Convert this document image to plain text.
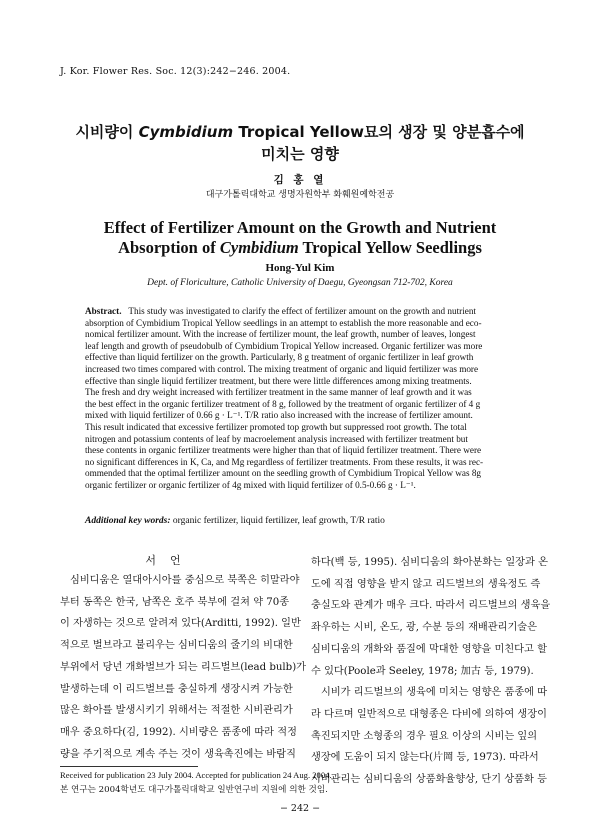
J. Kor. Flower Res. Soc. 12(3):242−246. 2004.
시비량이 Cymbidium Tropical Yellow묘의 생장 및 양분흡수에
미치는 영향
김 홍 열
대구가톨릭대학교 생명자원학부 화훼원예학전공
Effect of Fertilizer Amount on the Growth and Nutrient
Absorption of Cymbidium Tropical Yellow Seedlings
Hong-Yul Kim
Dept. of Floriculture, Catholic University of Daegu, Gyeongsan 712-702, Korea
Abstract. This study was investigated to clarify the effect of fertilizer amount on the growth and nutrient
absorption of Cymbidium Tropical Yellow seedlings in an attempt to establish the more reasonable and eco-
nomical fertilizer amount. With the increase of fertilizer mount, the leaf growth, number of leaves, longest
leaf length and growth of pseudobulb of Cymbidium Tropical Yellow increased. Organic fertilizer was more
effective than liquid fertilizer on the growth. Particularly, 8 g treatment of organic fertilizer in leaf growth
increased two times compared with control. The mixing treatment of organic and liquid fertilizer was more
effective than single liquid fertilizer treatment, but there were little differences among mixing treatments.
The fresh and dry weight increased with fertilizer treatment in the same manner of leaf growth and it was
the best effect in the organic fertilizer treatment of 8 g, followed by the treatment of organic fertilizer of 4 g
mixed with liquid fertilizer of 0.66 g · L⁻¹. T/R ratio also increased with the increase of fertilizer amount.
This result indicated that excessive fertilizer promoted top growth but suppressed root growth. The total
nitrogen and potassium contents of leaf by macroelement analysis increased with fertilizer treatment but
these contents in organic fertilizer treatments were higher than that of liquid fertilizer treatment. There were
no significant differences in K, Ca, and Mg regardless of fertilizer treatments. From these results, it was rec-
ommended that the optimal fertilizer amount on the seedling growth of Cymbidium Tropical Yellow was 8g
organic fertilizer or organic fertilizer of 4g mixed with liquid fertilizer of 0.5-0.66 g · L⁻¹.
Additional key words: organic fertilizer, liquid fertilizer, leaf growth, T/R ratio
서언
심비디움은 열대아시아를 중심으로 북쪽은 히말라야
부터 동쪽은 한국, 남쪽은 호주 북부에 걸쳐 약 70종
이 자생하는 것으로 알려져 있다(Arditti, 1992). 일반
적으로 벌브라고 불리우는 심비디움의 줄기의 비대한
부위에서 당년 개화벌브가 되는 리드벌브(lead bulb)가
발생하는데 이 리드벌브를 충실하게 생장시켜 가능한
많은 화아를 발생시키기 위해서는 적절한 시비관리가
매우 중요하다(김, 1992). 시비량은 품종에 따라 적정
량을 주기적으로 계속 주는 것이 생육촉진에는 바람직
하다(백 등, 1995). 심비디움의 화아분화는 일장과 온
도에 직접 영향을 받지 않고 리드벌브의 생육정도 즉
충실도와 관계가 매우 크다. 따라서 리드벌브의 생육을
좌우하는 시비, 온도, 광, 수분 등의 재배관리기술은
심비디움의 개화와 품질에 막대한 영향을 미친다고 할
수 있다(Poole과 Seeley, 1978; 加古 등, 1979).
시비가 리드벌브의 생육에 미치는 영향은 품종에 따
라 다르며 일반적으로 대형종은 다비에 의하여 생장이
촉진되지만 소형종의 경우 필요 이상의 시비는 잎의
생장에 도움이 되지 않는다(片岡 등, 1973). 따라서
시비관리는 심비디움의 상품화율향상, 단기 상품화 등
Received for publication 23 July 2004. Accepted for publication 24 Aug. 2004.
본 연구는 2004학년도 대구가톨릭대학교 일반연구비 지원에 의한 것임.
− 242 −
